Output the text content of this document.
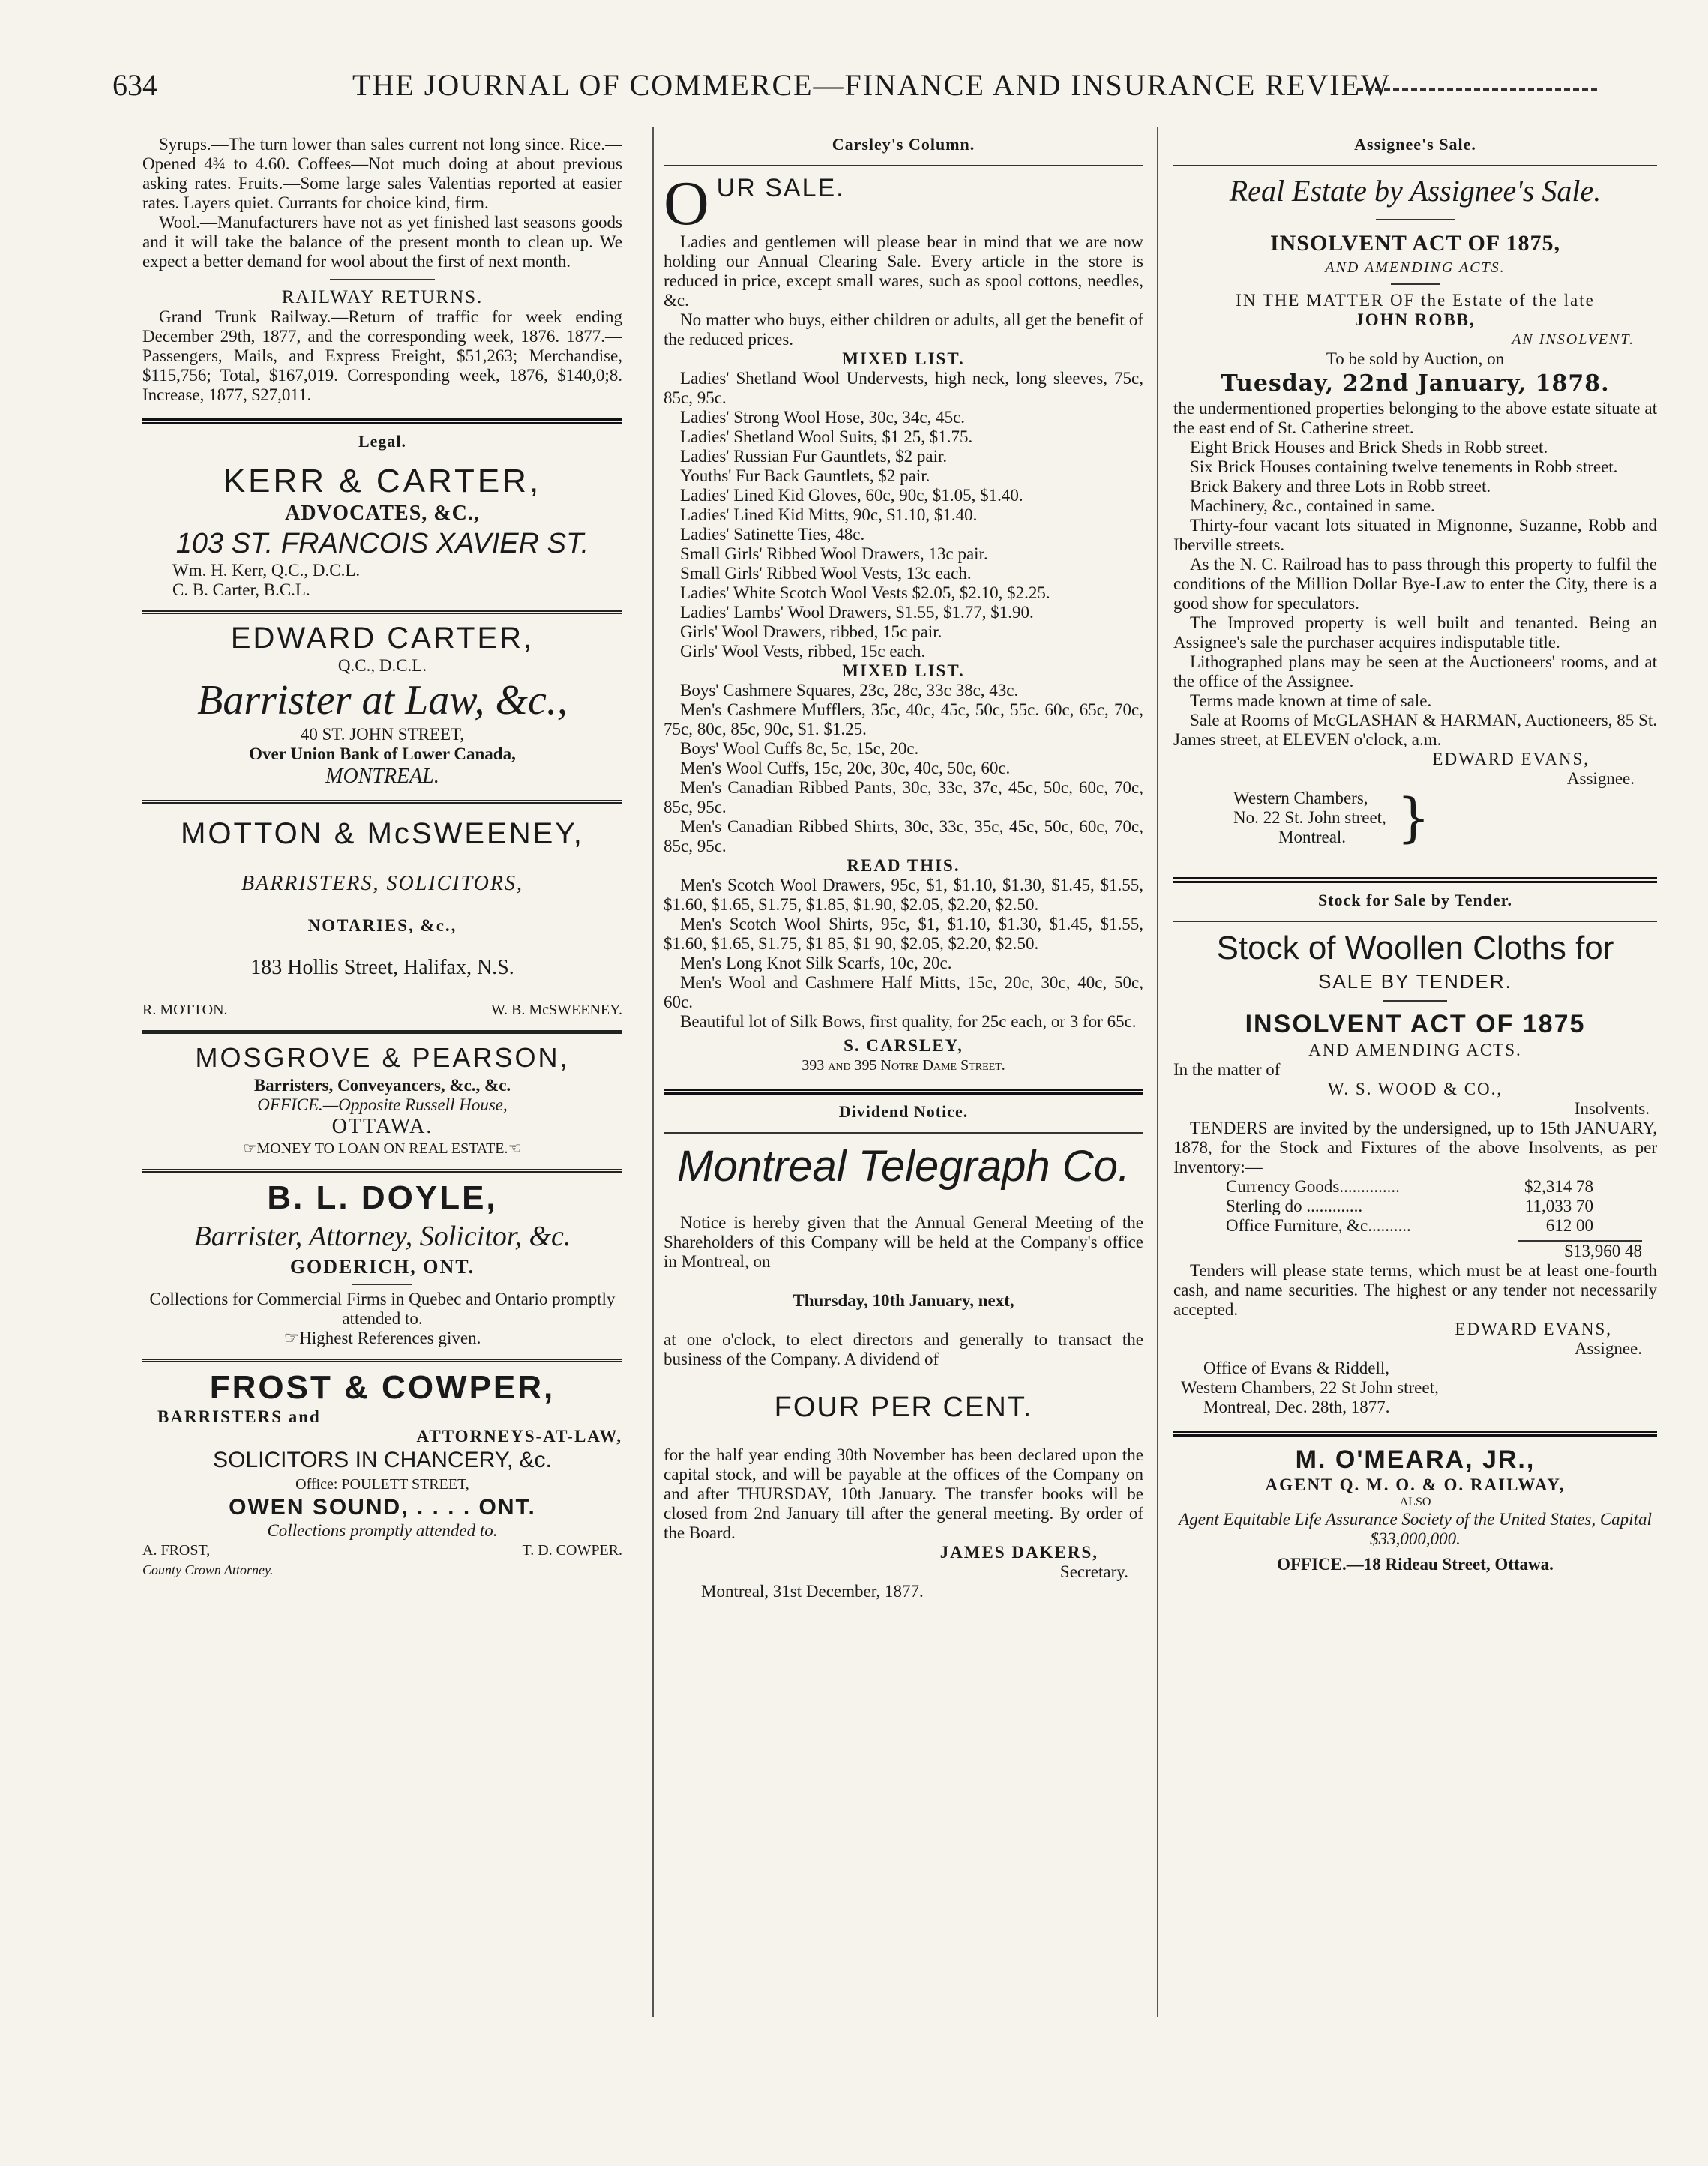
634	THE JOURNAL OF COMMERCE—FINANCE AND INSURANCE REVIEW

Syrups.—The turn lower than sales current not long since. Rice.—Opened 4¾ to 4.60. Coffees—Not much doing at about previous asking rates. Fruits.—Some large sales Valentias reported at easier rates. Layers quiet. Currants for choice kind, firm.

Wool.—Manufacturers have not as yet finished last seasons goods and it will take the balance of the present month to clean up. We expect a better demand for wool about the first of next month.

RAILWAY RETURNS.

Grand Trunk Railway.—Return of traffic for week ending December 29th, 1877, and the corresponding week, 1876. 1877.—Passengers, Mails, and Express Freight, $51,263; Merchandise, $115,756; Total, $167,019. Corresponding week, 1876, $140,0;8. Increase, 1877, $27,011.

Legal.

KERR & CARTER,

ADVOCATES, &C.,

103 ST. FRANCOIS XAVIER ST.

Wm. H. Kerr, Q.C., D.C.L.

C. B. Carter, B.C.L.

EDWARD CARTER,

Q.C., D.C.L.

Barrister at Law, &c.,

40 ST. JOHN STREET,

Over Union Bank of Lower Canada,

MONTREAL.

MOTTON & McSWEENEY,

BARRISTERS, SOLICITORS,

NOTARIES, &c.,

183 Hollis Street, Halifax, N.S.

R. MOTTON.	W. B. McSWEENEY.

MOSGROVE & PEARSON,

Barristers, Conveyancers, &c., &c.

OFFICE.—Opposite Russell House,

OTTAWA.

☞MONEY TO LOAN ON REAL ESTATE.☜

B. L. DOYLE,

Barrister, Attorney, Solicitor, &c.

GODERICH, ONT.

Collections for Commercial Firms in Quebec and Ontario promptly attended to.

☞Highest References given.

FROST & COWPER,

BARRISTERS and

ATTORNEYS-AT-LAW,

SOLICITORS IN CHANCERY, &c.

Office: POULETT STREET,

OWEN SOUND, . . . . ONT.

Collections promptly attended to.

A. FROST,	T. D. COWPER.

County Crown Attorney.

Carsley's Column.

O UR SALE.

Ladies and gentlemen will please bear in mind that we are now holding our Annual Clearing Sale. Every article in the store is reduced in price, except small wares, such as spool cottons, needles, &c.

No matter who buys, either children or adults, all get the benefit of the reduced prices.

MIXED LIST.

Ladies' Shetland Wool Undervests, high neck, long sleeves, 75c, 85c, 95c.

Ladies' Strong Wool Hose, 30c, 34c, 45c.

Ladies' Shetland Wool Suits, $1 25, $1.75.

Ladies' Russian Fur Gauntlets, $2 pair.

Youths' Fur Back Gauntlets, $2 pair.

Ladies' Lined Kid Gloves, 60c, 90c, $1.05, $1.40.

Ladies' Lined Kid Mitts, 90c, $1.10, $1.40.

Ladies' Satinette Ties, 48c.

Small Girls' Ribbed Wool Drawers, 13c pair.

Small Girls' Ribbed Wool Vests, 13c each.

Ladies' White Scotch Wool Vests $2.05, $2.10, $2.25.

Ladies' Lambs' Wool Drawers, $1.55, $1.77, $1.90.

Girls' Wool Drawers, ribbed, 15c pair.

Girls' Wool Vests, ribbed, 15c each.

MIXED LIST.

Boys' Cashmere Squares, 23c, 28c, 33c 38c, 43c.

Men's Cashmere Mufflers, 35c, 40c, 45c, 50c, 55c. 60c, 65c, 70c, 75c, 80c, 85c, 90c, $1. $1.25.

Boys' Wool Cuffs 8c, 5c, 15c, 20c.

Men's Wool Cuffs, 15c, 20c, 30c, 40c, 50c, 60c.

Men's Canadian Ribbed Pants, 30c, 33c, 37c, 45c, 50c, 60c, 70c, 85c, 95c.

Men's Canadian Ribbed Shirts, 30c, 33c, 35c, 45c, 50c, 60c, 70c, 85c, 95c.

READ THIS.

Men's Scotch Wool Drawers, 95c, $1, $1.10, $1.30, $1.45, $1.55, $1.60, $1.65, $1.75, $1.85, $1.90, $2.05, $2.20, $2.50.

Men's Scotch Wool Shirts, 95c, $1, $1.10, $1.30, $1.45, $1.55, $1.60, $1.65, $1.75, $1 85, $1 90, $2.05, $2.20, $2.50.

Men's Long Knot Silk Scarfs, 10c, 20c.

Men's Wool and Cashmere Half Mitts, 15c, 20c, 30c, 40c, 50c, 60c.

Beautiful lot of Silk Bows, first quality, for 25c each, or 3 for 65c.

S. CARSLEY,

393 and 395 Notre Dame Street.

Dividend Notice.

Montreal Telegraph Co.

Notice is hereby given that the Annual General Meeting of the Shareholders of this Company will be held at the Company's office in Montreal, on

Thursday, 10th January, next,

at one o'clock, to elect directors and generally to transact the business of the Company. A dividend of

FOUR PER CENT.

for the half year ending 30th November has been declared upon the capital stock, and will be payable at the offices of the Company on and after THURSDAY, 10th January. The transfer books will be closed from 2nd January till after the general meeting. By order of the Board.

JAMES DAKERS,

Secretary.

Montreal, 31st December, 1877.

Assignee's Sale.

Real Estate by Assignee's Sale.

INSOLVENT ACT OF 1875,

AND AMENDING ACTS.

IN THE MATTER OF the Estate of the late

JOHN ROBB,

AN INSOLVENT.

To be sold by Auction, on

Tuesday, 22nd January, 1878.

the undermentioned properties belonging to the above estate situate at the east end of St. Catherine street.

Eight Brick Houses and Brick Sheds in Robb street.

Six Brick Houses containing twelve tenements in Robb street.

Brick Bakery and three Lots in Robb street.

Machinery, &c., contained in same.

Thirty-four vacant lots situated in Mignonne, Suzanne, Robb and Iberville streets.

As the N. C. Railroad has to pass through this property to fulfil the conditions of the Million Dollar Bye-Law to enter the City, there is a good show for speculators.

The Improved property is well built and tenanted. Being an Assignee's sale the purchaser acquires indisputable title.

Lithographed plans may be seen at the Auctioneers' rooms, and at the office of the Assignee.

Terms made known at time of sale.

Sale at Rooms of McGLASHAN & HARMAN, Auctioneers, 85 St. James street, at ELEVEN o'clock, a.m.

EDWARD EVANS,

Assignee.

Western Chambers,

No. 22 St. John street,

Montreal. }

Stock for Sale by Tender.

Stock of Woollen Cloths for

SALE BY TENDER.

INSOLVENT ACT OF 1875

AND AMENDING ACTS.

In the matter of

W. S. WOOD & CO.,

Insolvents.

TENDERS are invited by the undersigned, up to 15th JANUARY, 1878, for the Stock and Fixtures of the above Insolvents, as per Inventory:—

Currency Goods..............	$2,314 78
Sterling do .............	11,033 70
Office Furniture, &c..........	612 00

$13,960 48

Tenders will please state terms, which must be at least one-fourth cash, and name securities. The highest or any tender not necessarily accepted.

EDWARD EVANS,

Assignee.

Office of Evans & Riddell,

Western Chambers, 22 St John street,

Montreal, Dec. 28th, 1877.

M. O'MEARA, JR.,

AGENT Q. M. O. & O. RAILWAY,

ALSO

Agent Equitable Life Assurance Society of the United States, Capital $33,000,000.

OFFICE.—18 Rideau Street, Ottawa.
